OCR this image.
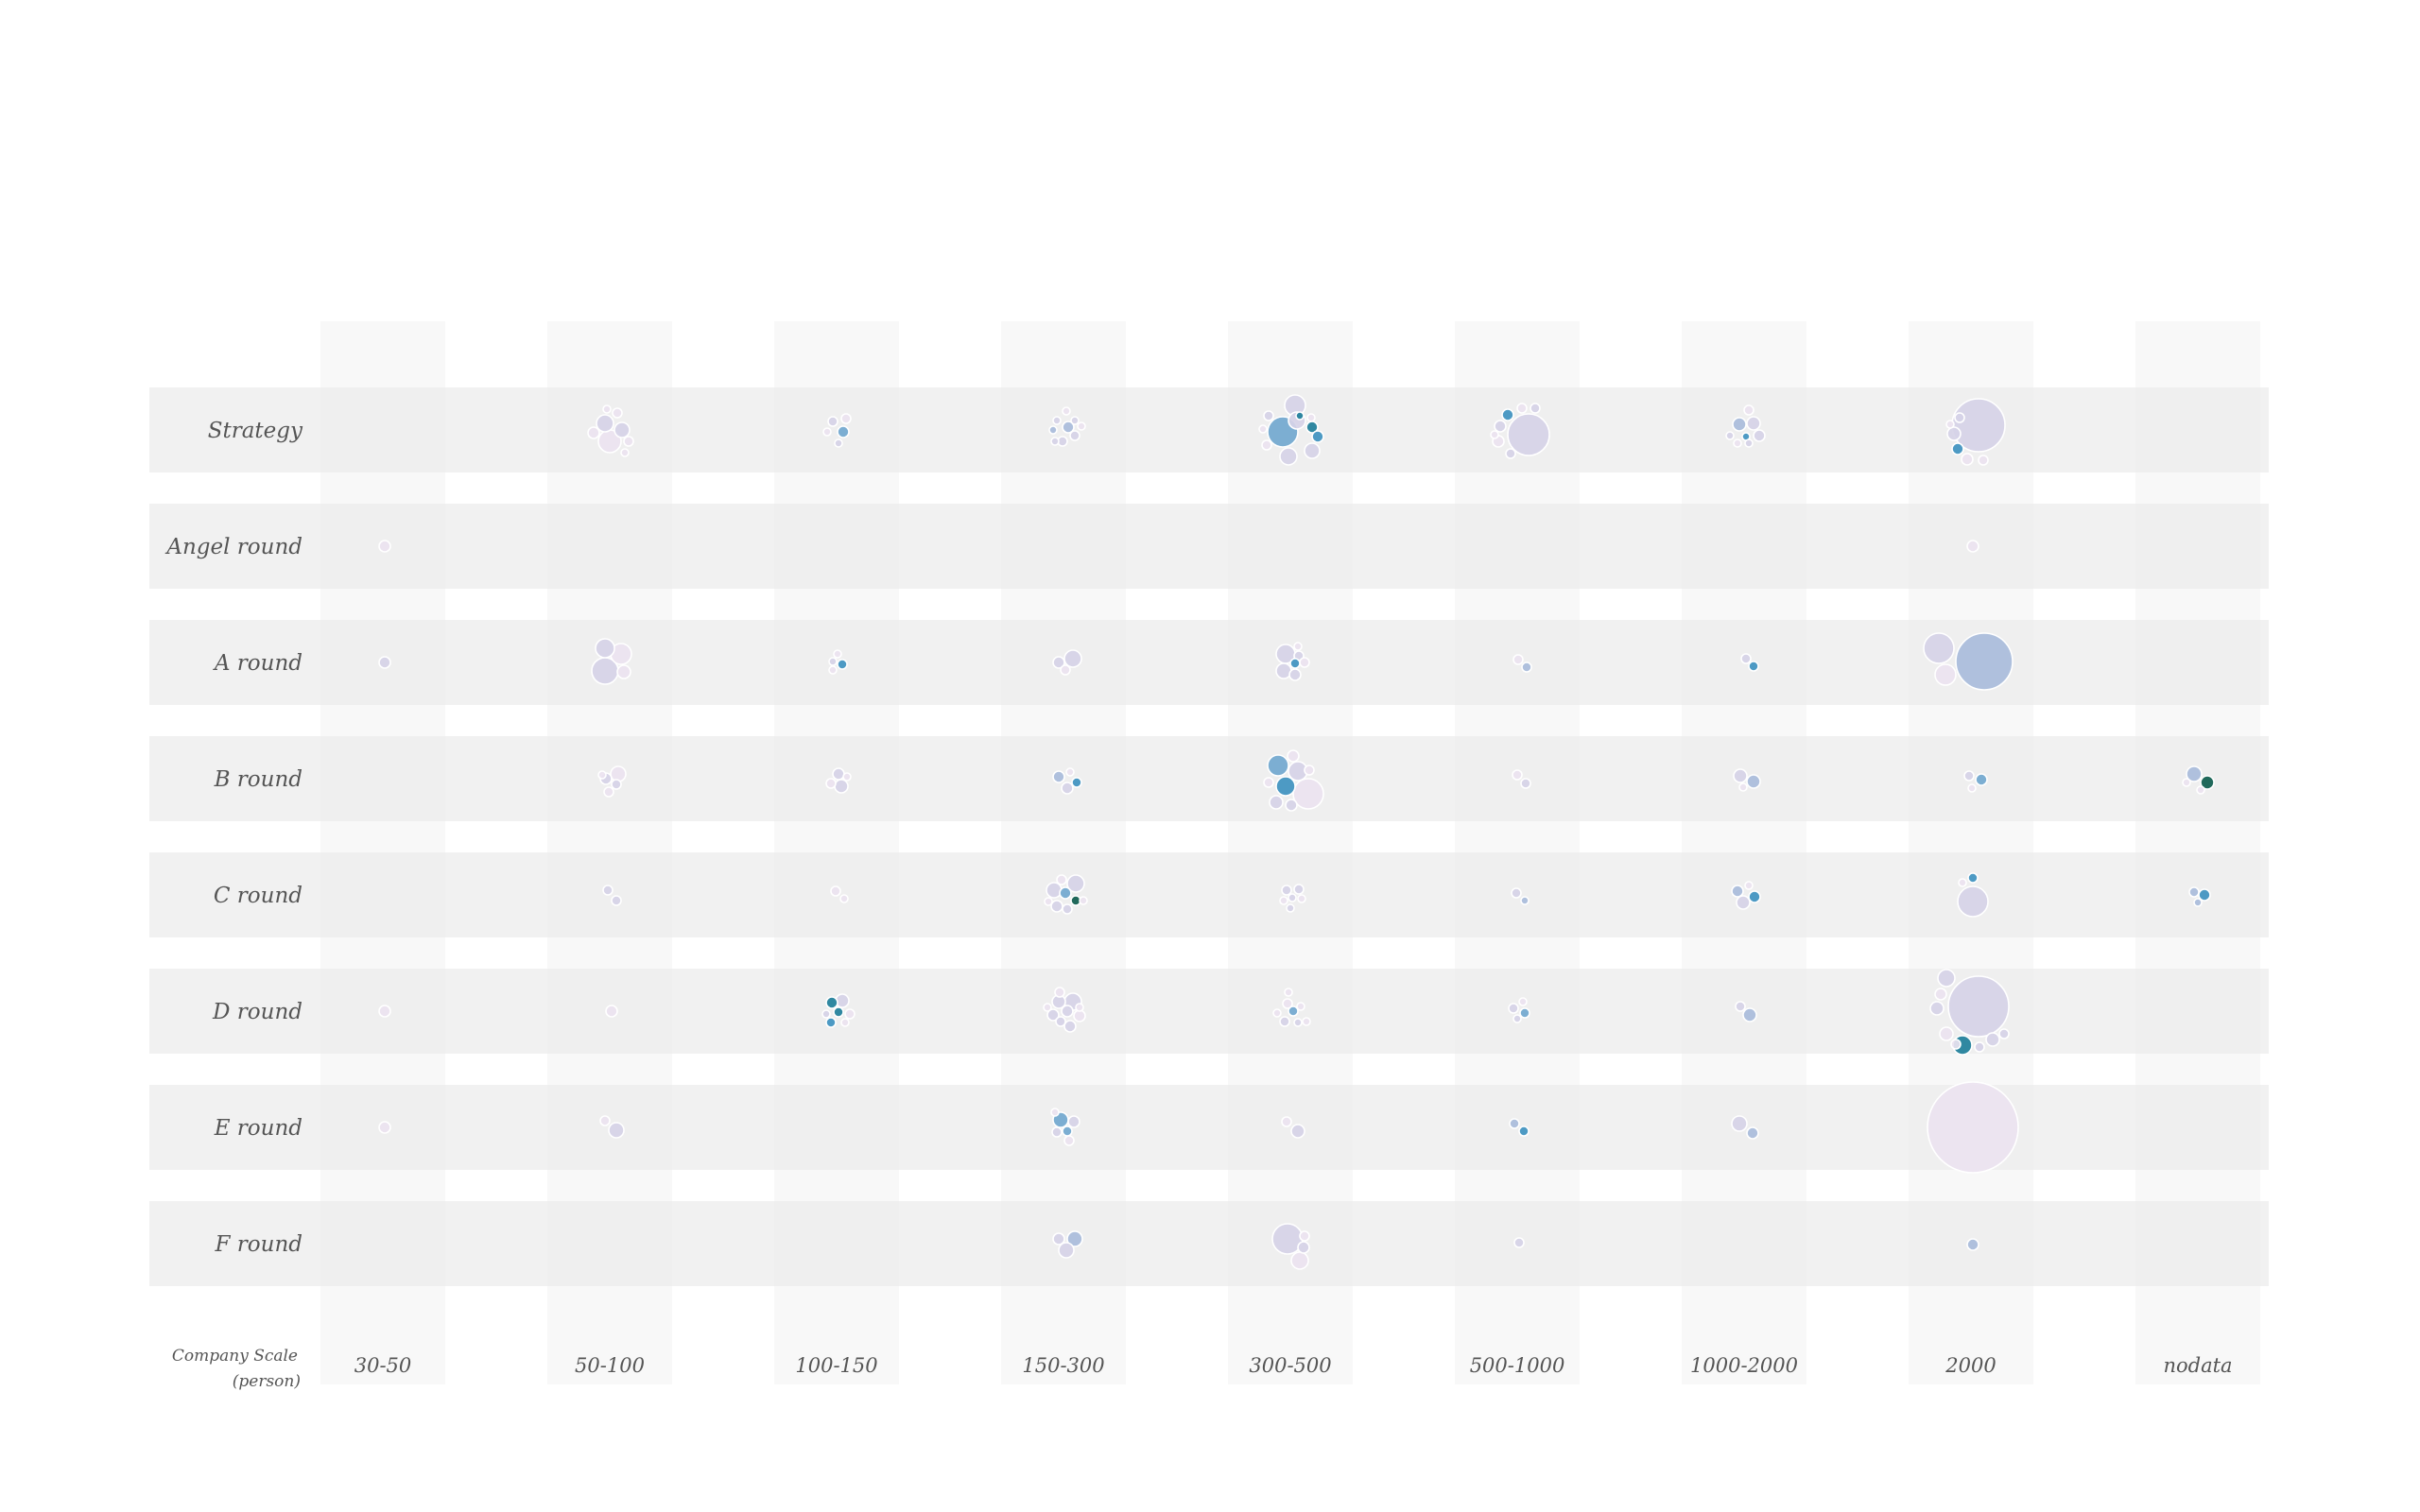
Company Scale
(person)
Strategy
Angel round
A round
B round
C round
D round
E round
F round
30-50	50-100	100-150	150-300	300-500	500-1000	1000-2000	2000	nodata
